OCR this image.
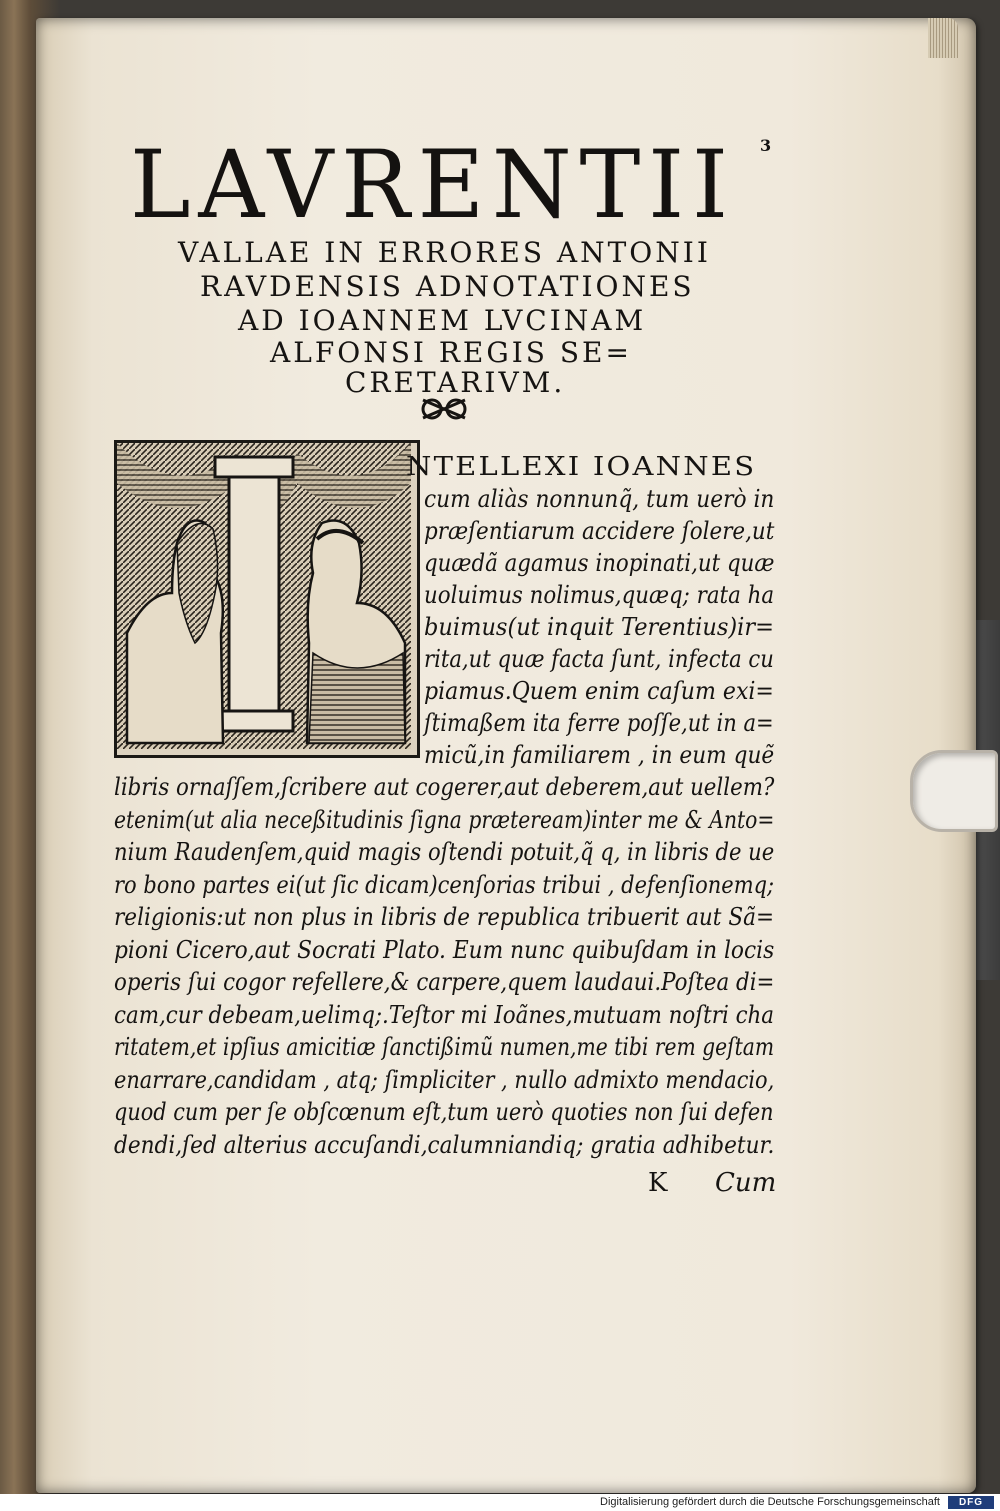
3
LAVRENTII
VALLAE IN ERRORES ANTONII
RAVDENSIS ADNOTATIONES
AD IOANNEM LVCINAM
ALFONSI REGIS SE=
CRETARIVM.
NTELLEXI IOANNES
cum aliàs nonnunq̃, tum uerò in
præſentiarum accidere ſolere,ut
quædã agamus inopinati,ut quæ
uoluimus nolimus,quæq; rata ha
buimus(ut inquit Terentius)ir=
rita,ut quæ facta ſunt, infecta cu
piamus.Quem enim caſum exi=
ſtimaßem ita ferre poſſe,ut in a=
micũ,in familiarem , in eum quẽ
libris ornaſſem,ſcribere aut cogerer,aut deberem,aut uellem?
etenim(ut alia neceßitudinis ſigna præteream)inter me & Anto=
nium Raudenſem,quid magis oſtendi potuit,q̃ q, in libris de ue
ro bono partes ei(ut ſic dicam)cenſorias tribui , defenſionemq;
religionis:ut non plus in libris de republica tribuerit aut Sã=
pioni Cicero,aut Socrati Plato. Eum nunc quibuſdam in locis
operis ſui cogor refellere,& carpere,quem laudaui.Poſtea di=
cam,cur debeam,uelimq;.Teſtor mi Ioãnes,mutuam noſtri cha
ritatem,et ipſius amicitiæ ſanctißimũ numen,me tibi rem geſtam
enarrare,candidam , atq; ſimpliciter , nullo admixto mendacio,
quod cum per ſe obſcœnum eſt,tum uerò quoties non ſui defen
dendi,ſed alterius accuſandi,calumniandiq; gratia adhibetur.
K Cum
Digitalisierung gefördert durch die Deutsche Forschungsgemeinschaft	DFG
